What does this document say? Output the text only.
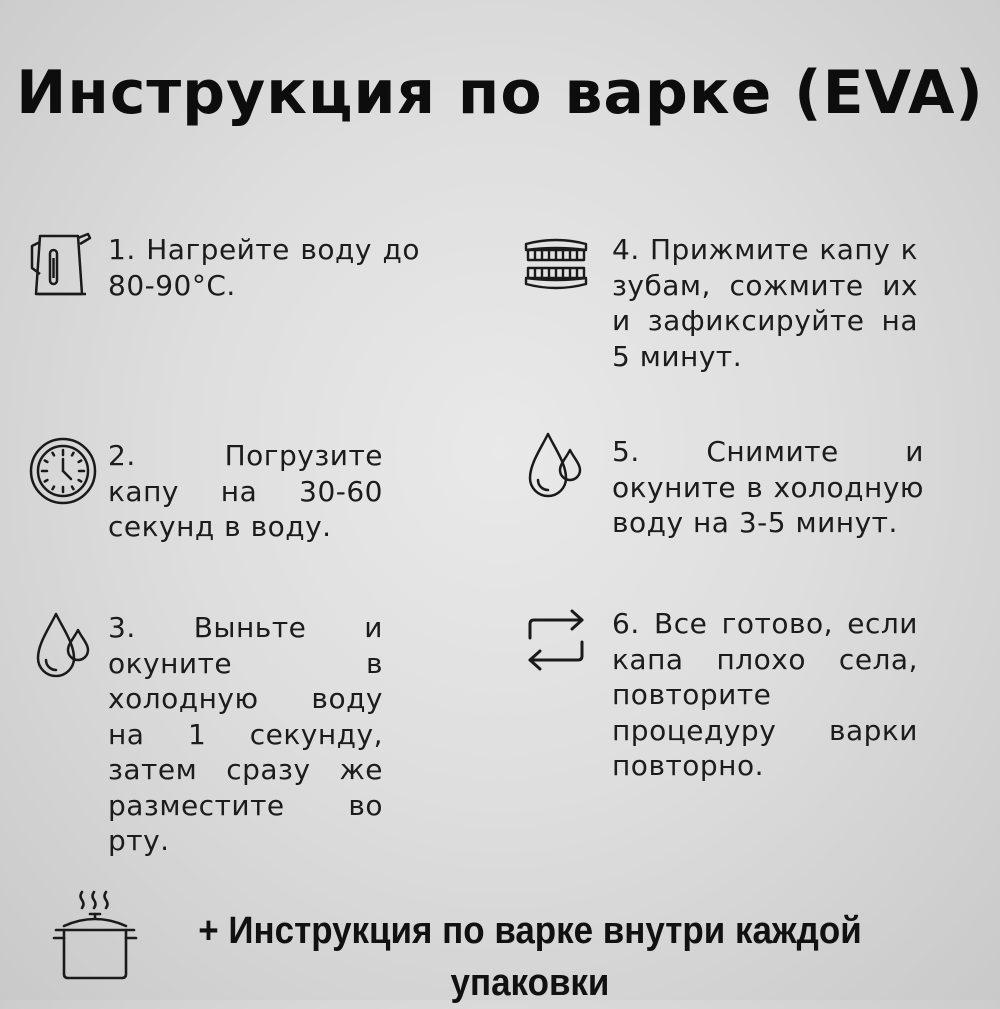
Инструкция по варке (EVA)
1. Нагрейте воду до 80-90°C.
2.	Погрузите капу на 30-60 секунд в воду.
3. Выньте и окуните в холодную воду на 1 секунду, затем сразу же разместите во рту.
4. Прижмите капу к зубам, сожмите их и зафиксируйте на 5 минут.
5. Снимите и окуните в холодную воду на 3-5 минут.
6. Все готово, если капа плохо села, повторите процедуру варки повторно.
+ Инструкция по варке внутри каждой упаковки
